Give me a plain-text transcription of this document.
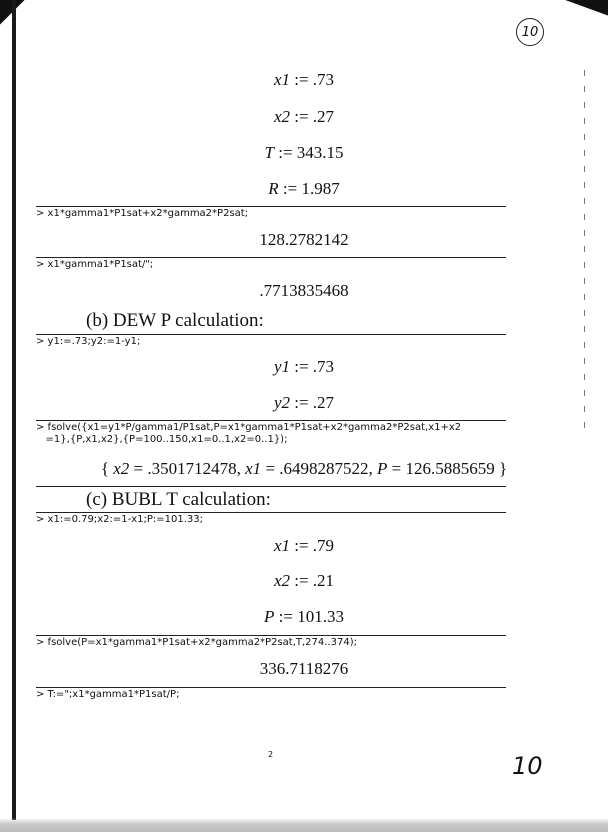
10
x1 := .73
x2 := .27
T := 343.15
R := 1.987
> x1*gamma1*P1sat+x2*gamma2*P2sat;
128.2782142
> x1*gamma1*P1sat/";
.7713835468
(b) DEW P calculation:
> y1:=.73;y2:=1-y1;
y1 := .73
y2 := .27
> fsolve({x1=y1*P/gamma1/P1sat,P=x1*gamma1*P1sat+x2*gamma2*P2sat,x1+x2
=1},{P,x1,x2},{P=100..150,x1=0..1,x2=0..1});
{ x2 = .3501712478, x1 = .6498287522, P = 126.5885659 }
(c) BUBL T calculation:
> x1:=0.79;x2:=1-x1;P:=101.33;
x1 := .79
x2 := .21
P := 101.33
> fsolve(P=x1*gamma1*P1sat+x2*gamma2*P2sat,T,274..374);
336.7118276
> T:=";x1*gamma1*P1sat/P;
2	10
